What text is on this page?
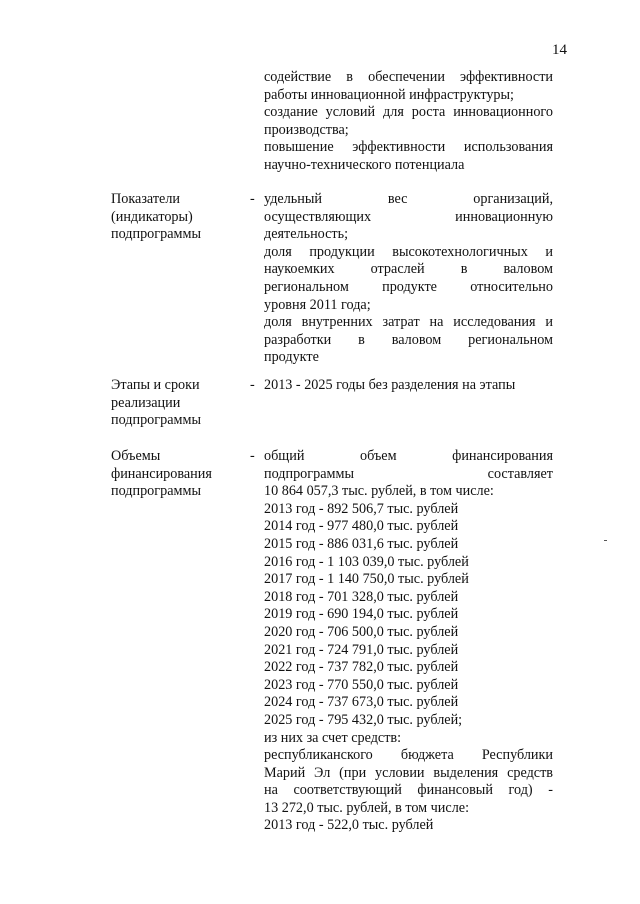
14
содействие в обеспечении эффективности
работы инновационной инфраструктуры;
создание условий для роста инновационного
производства;
повышение эффективности использования
научно-технического потенциала
Показатели
(индикаторы)
подпрограммы
- удельный вес организаций,
осуществляющих инновационную
деятельность;
доля продукции высокотехнологичных и
наукоемких отраслей в валовом
региональном продукте относительно
уровня 2011 года;
доля внутренних затрат на исследования и
разработки в валовом региональном
продукте
Этапы и сроки
реализации
подпрограммы
- 2013 - 2025 годы без разделения на этапы
Объемы
финансирования
подпрограммы
- общий объем финансирования
подпрограммы составляет
10 864 057,3 тыс. рублей, в том числе:
2013 год - 892 506,7 тыс. рублей
2014 год - 977 480,0 тыс. рублей
2015 год - 886 031,6 тыс. рублей
2016 год - 1 103 039,0 тыс. рублей
2017 год - 1 140 750,0 тыс. рублей
2018 год - 701 328,0 тыс. рублей
2019 год - 690 194,0 тыс. рублей
2020 год - 706 500,0 тыс. рублей
2021 год - 724 791,0 тыс. рублей
2022 год - 737 782,0 тыс. рублей
2023 год - 770 550,0 тыс. рублей
2024 год - 737 673,0 тыс. рублей
2025 год - 795 432,0 тыс. рублей;
из них за счет средств:
республиканского бюджета Республики
Марий Эл (при условии выделения средств
на соответствующий финансовый год) -
13 272,0 тыс. рублей, в том числе:
2013 год - 522,0 тыс. рублей
